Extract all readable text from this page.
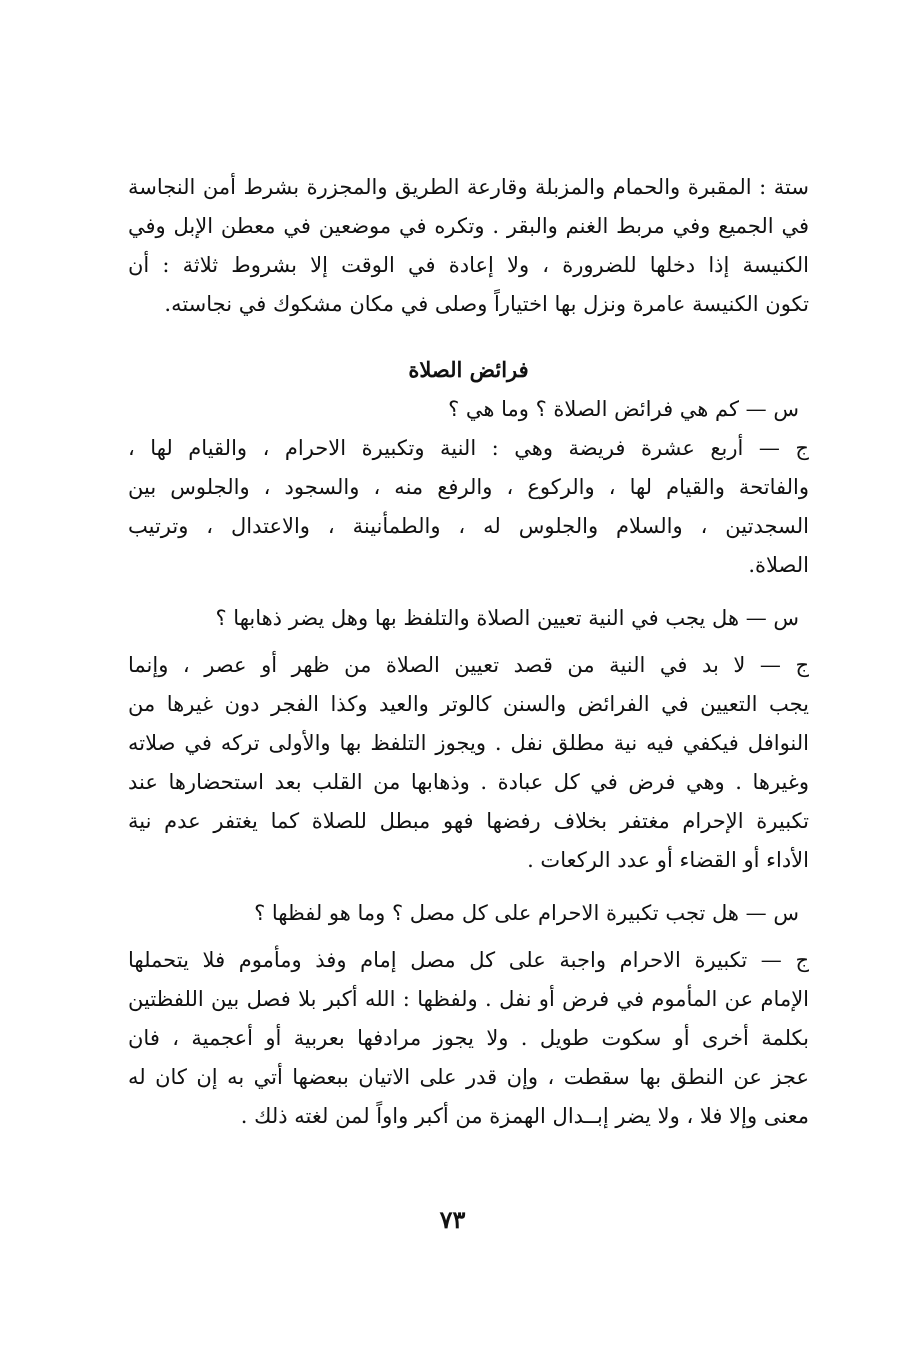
ستة : المقبرة والحمام والمزبلة وقارعة الطريق والمجزرة بشرط أمن النجاسة
في الجميع وفي مربط الغنم والبقر . وتكره في موضعين في معطن الإبل وفي
الكنيسة إذا دخلها للضرورة ، ولا إعادة في الوقت إلا بشروط ثلاثة : أن
تكون الكنيسة عامرة ونزل بها اختياراً وصلى في مكان مشكوك في نجاسته.
فرائض الصلاة
س — كم هي فرائض الصلاة ؟ وما هي ؟
ج — أربع عشرة فريضة وهي : النية وتكبيرة الاحرام ، والقيام لها ،
والفاتحة والقيام لها ، والركوع ، والرفع منه ، والسجود ، والجلوس بين
السجدتين ، والسلام والجلوس له ، والطمأنينة ، والاعتدال ، وترتيب
الصلاة.
س — هل يجب في النية تعيين الصلاة والتلفظ بها وهل يضر ذهابها ؟
ج — لا بد في النية من قصد تعيين الصلاة من ظهر أو عصر ، وإنما
يجب التعيين في الفرائض والسنن كالوتر والعيد وكذا الفجر دون غيرها من
النوافل فيكفي فيه نية مطلق نفل . ويجوز التلفظ بها والأولى تركه في صلاته
وغيرها . وهي فرض في كل عبادة . وذهابها من القلب بعد استحضارها عند
تكبيرة الإحرام مغتفر بخلاف رفضها فهو مبطل للصلاة كما يغتفر عدم نية
الأداء أو القضاء أو عدد الركعات .
س — هل تجب تكبيرة الاحرام على كل مصل ؟ وما هو لفظها ؟
ج — تكبيرة الاحرام واجبة على كل مصل إمام وفذ ومأموم فلا يتحملها
الإمام عن المأموم في فرض أو نفل . ولفظها : الله أكبر بلا فصل بين اللفظتين
بكلمة أخرى أو سكوت طويل . ولا يجوز مرادفها بعربية أو أعجمية ، فان
عجز عن النطق بها سقطت ، وإن قدر على الاتيان ببعضها أتي به إن كان له
معنى وإلا فلا ، ولا يضر إبــدال الهمزة من أكبر واواً لمن لغته ذلك .
٧٣
